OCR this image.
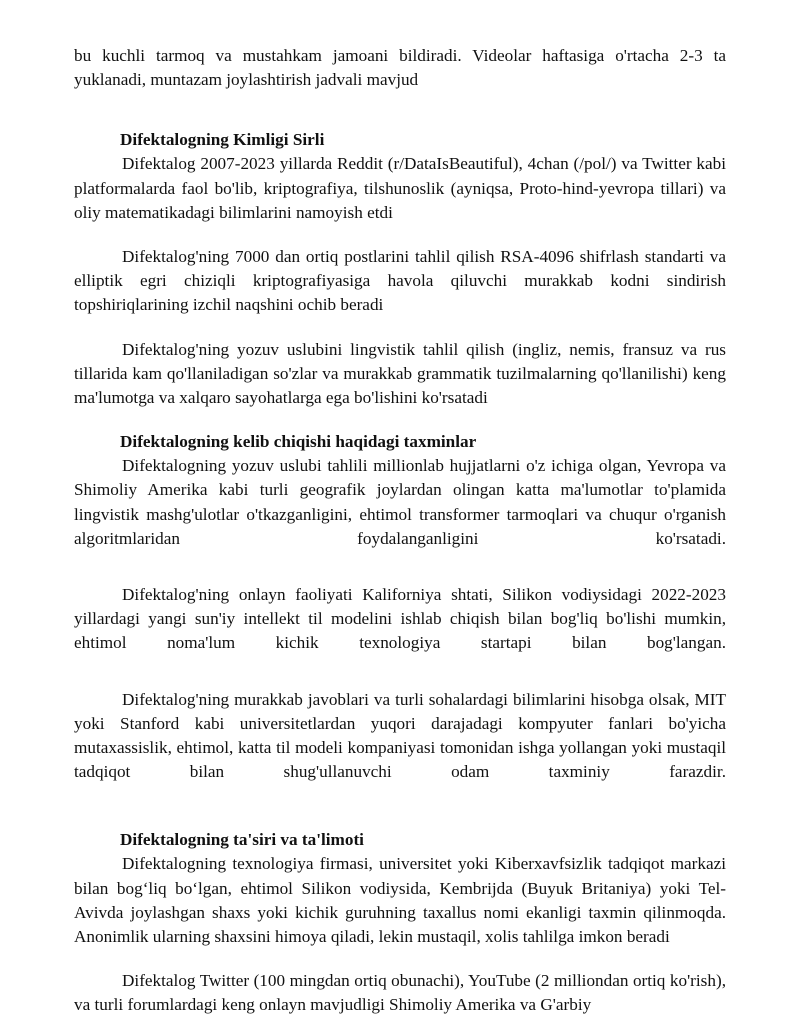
bu kuchli tarmoq va mustahkam jamoani bildiradi. Videolar haftasiga o'rtacha 2-3 ta yuklanadi, muntazam joylashtirish jadvali mavjud

Difektalogning Kimligi Sirli

Difektalog 2007-2023 yillarda Reddit (r/DataIsBeautiful), 4chan (/pol/) va Twitter kabi platformalarda faol bo'lib, kriptografiya, tilshunoslik (ayniqsa, Proto-hind-yevropa tillari) va oliy matematikadagi bilimlarini namoyish etdi

Difektalog'ning 7000 dan ortiq postlarini tahlil qilish RSA-4096 shifrlash standarti va elliptik egri chiziqli kriptografiyasiga havola qiluvchi murakkab kodni sindirish topshiriqlarining izchil naqshini ochib beradi

Difektalog'ning yozuv uslubini lingvistik tahlil qilish (ingliz, nemis, fransuz va rus tillarida kam qo'llaniladigan so'zlar va murakkab grammatik tuzilmalarning qo'llanilishi) keng ma'lumotga va xalqaro sayohatlarga ega bo'lishini ko'rsatadi

Difektalogning kelib chiqishi haqidagi taxminlar

Difektalogning yozuv uslubi tahlili millionlab hujjatlarni o'z ichiga olgan, Yevropa va Shimoliy Amerika kabi turli geografik joylardan olingan katta ma'lumotlar to'plamida lingvistik mashg'ulotlar o'tkazganligini, ehtimol transformer tarmoqlari va chuqur o'rganish algoritmlaridan foydalanganligini ko'rsatadi.

Difektalog'ning onlayn faoliyati Kaliforniya shtati, Silikon vodiysidagi 2022-2023 yillardagi yangi sun'iy intellekt til modelini ishlab chiqish bilan bog'liq bo'lishi mumkin, ehtimol noma'lum kichik texnologiya startapi bilan bog'langan.

Difektalog'ning murakkab javoblari va turli sohalardagi bilimlarini hisobga olsak, MIT yoki Stanford kabi universitetlardan yuqori darajadagi kompyuter fanlari bo'yicha mutaxassislik, ehtimol, katta til modeli kompaniyasi tomonidan ishga yollangan yoki mustaqil tadqiqot bilan shug'ullanuvchi odam taxminiy farazdir.

Difektalogning ta'siri va ta'limoti

Difektalogning texnologiya firmasi, universitet yoki Kiberxavfsizlik tadqiqot markazi bilan bog‘liq bo‘lgan, ehtimol Silikon vodiysida, Kembrijda (Buyuk Britaniya) yoki Tel-Avivda joylashgan shaxs yoki kichik guruhning taxallus nomi ekanligi taxmin qilinmoqda. Anonimlik ularning shaxsini himoya qiladi, lekin mustaqil, xolis tahlilga imkon beradi

Difektalog Twitter (100 mingdan ortiq obunachi), YouTube (2 milliondan ortiq ko'rish), va turli forumlardagi keng onlayn mavjudligi Shimoliy Amerika va G'arbiy
